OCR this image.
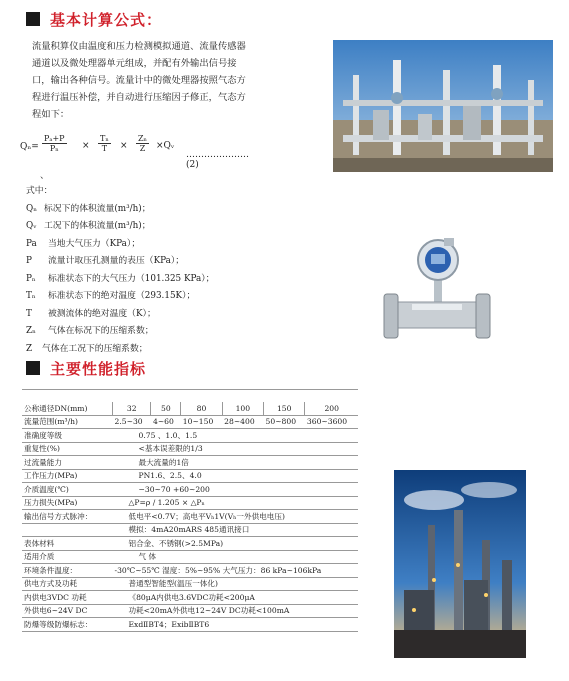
基本计算公式：
流量积算仪由温度和压力检测模拟通道、流量传感器通道以及微处理器单元组成，并配有外输出信号接口，输出各种信号。流量计中的微处理器按照气态方程进行温压补偿，并自动进行压缩因子修正，气态方程如下：
$Q_n= \frac{\text{Pₐ+P}}{\text{Pₙ}} \times \frac{\text{Tₙ}}{T} \times \frac{\text{Zₙ}}{Z}$ ×Qᵥ
…………………(2)
、
式中：
Qₙ 标况下的体积流量(m³/h)；
Qᵥ 工况下的体积流量(m³/h)；
Pa 当地大气压力（KPa）；
P 流量计取压孔测量的表压（KPa）；
Pₙ 标准状态下的大气压力（101.325 KPa）；
Tₙ 标准状态下的绝对温度（293.15K）；
T 被测流体的绝对温度（K）；
Zₙ 气体在标况下的压缩系数；
Z 气体在工况下的压缩系数；
主要性能指标
公称通径DN(mm)	32	50	80	100	150	200
流量范围(m³/h)	2.5~30	4~60	10~150	28~400	50~800	360~3600
准确度等级	0.75 、1.0、1.5					
重复性(%)	<基本误差限的1/3					
过流量能力	最大流量的1倍					
工作压力(MPa)	PN1.6、2.5、4.0					
介质温度(℃)	−30~70 +60~200					
压力损失(MPa)	△P=ρ / 1.205 × △Pₙ					
输出信号方式脉冲：	低电平<0.7V；高电平Vₕ1V(Vₕ一外供电电压)					
	模拟：4mA20mARS 485通讯接口					
表体材料	铝合金、不锈钢(>2.5MPa)					
适用介质	气 体					
环境条件温度：	-30℃~55℃ 湿度：5%~95% 大气压力：86 kPa~106kPa					
供电方式及功耗	普通型智能型(温压一体化)					
内供电3VDC 功耗	《80μA内供电3.6VDC功耗<200μA					
外供电6~24V DC	功耗<20mA外供电12~24V DC功耗<100mA					
防爆等级防爆标志：	ExdⅡBT4；ExibⅡBT6					
